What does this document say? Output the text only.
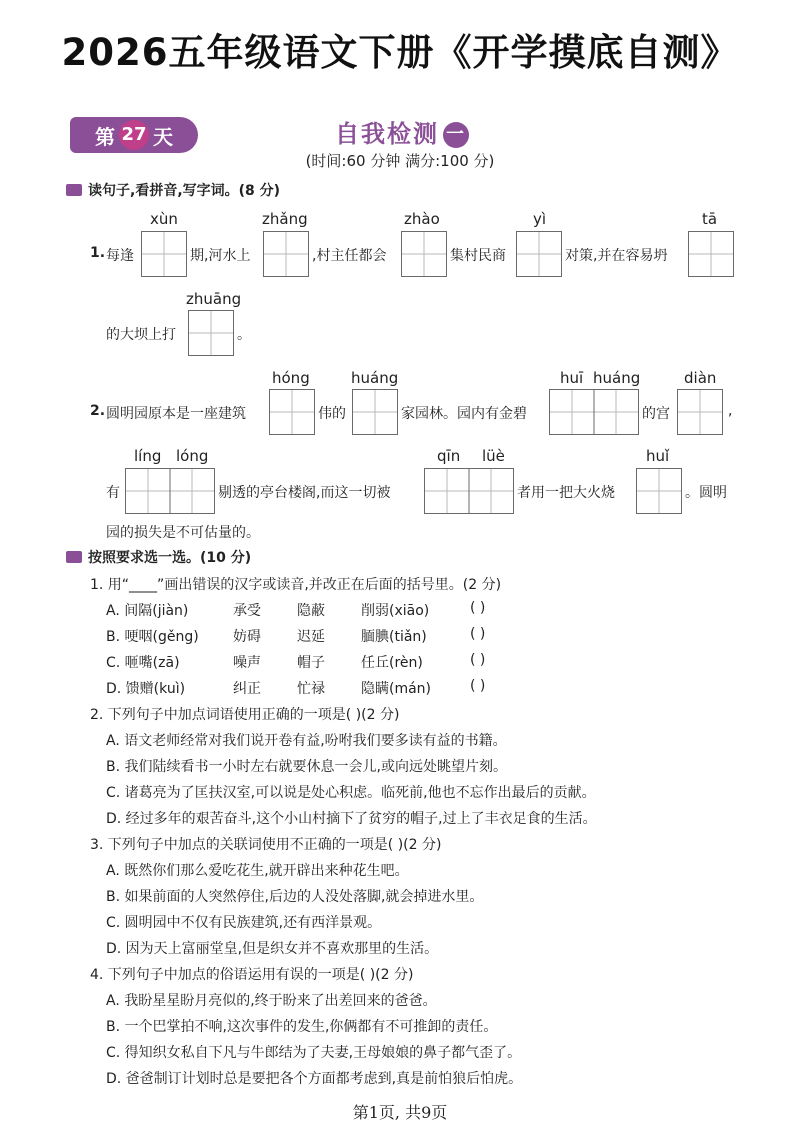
2026五年级语文下册《开学摸底自测》
第 27 天	自我检测 一
(时间:60 分钟 满分:100 分)
读句子,看拼音,写字词。(8 分)
xùn	zhǎng	zhào	yì	tā
1. 每逢	期,河水上	,村主任都会	集村民商	对策,并在容易坍
zhuāng
的大坝上打	。
hóng	huáng	huī huáng	diàn
2. 圆明园原本是一座建筑	伟的	家园林。园内有金碧	的宫	,
líng lóng	qīn lüè	huǐ
有	剔透的亭台楼阁,而这一切被	者用一把大火烧	。圆明
园的损失是不可估量的。
按照要求选一选。(10 分)
1. 用“____”画出错误的汉字或读音,并改正在后面的括号里。(2 分)
A. 间隔(jiàn)	承受	隐蔽	削弱(xiāo)	( )
B. 哽咽(gěng) 妨碍	迟延	腼腆(tiǎn)	( )
C. 咂嘴(zā)	噪声	帽子	任丘(rèn)	( )
D. 馈赠(kuì)	纠正	忙禄	隐瞒(mán)	( )
2. 下列句子中加点词语使用正确的一项是( )(2 分)
A. 语文老师经常对我们说开卷有益,吩咐我们要多读有益的书籍。
B. 我们陆续看书一小时左右就要休息一会儿,或向远处眺望片刻。
C. 诸葛亮为了匡扶汉室,可以说是处心积虑。临死前,他也不忘作出最后的贡献。
D. 经过多年的艰苦奋斗,这个小山村摘下了贫穷的帽子,过上了丰衣足食的生活。
3. 下列句子中加点的关联词使用不正确的一项是( )(2 分)
A. 既然你们那么爱吃花生,就开辟出来种花生吧。
B. 如果前面的人突然停住,后边的人没处落脚,就会掉进水里。
C. 圆明园中不仅有民族建筑,还有西洋景观。
D. 因为天上富丽堂皇,但是织女并不喜欢那里的生活。
4. 下列句子中加点的俗语运用有误的一项是( )(2 分)
A. 我盼星星盼月亮似的,终于盼来了出差回来的爸爸。
B. 一个巴掌拍不响,这次事件的发生,你俩都有不可推卸的责任。
C. 得知织女私自下凡与牛郎结为了夫妻,王母娘娘的鼻子都气歪了。
D. 爸爸制订计划时总是要把各个方面都考虑到,真是前怕狼后怕虎。
第1页, 共9页
